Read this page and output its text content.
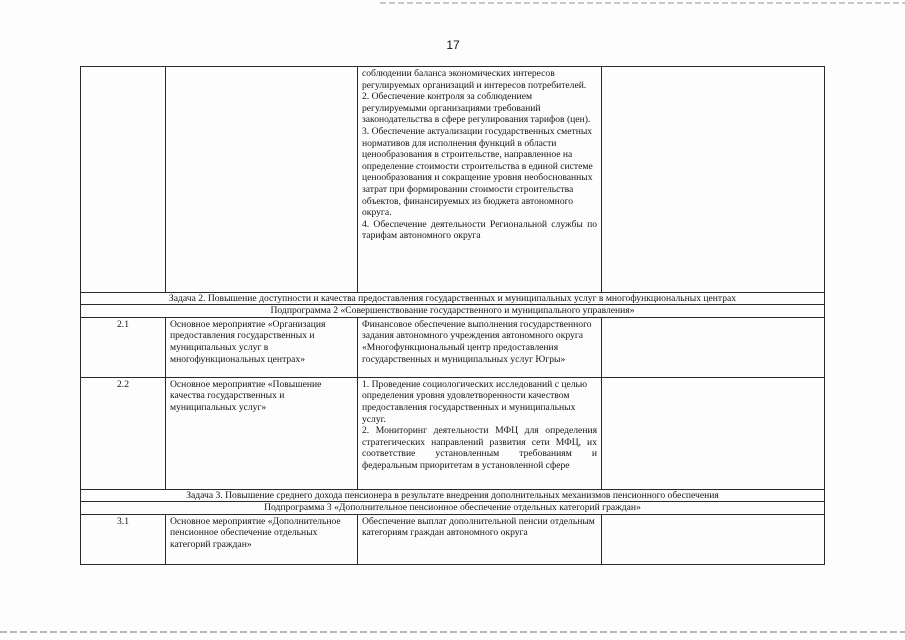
17

		соблюдении баланса экономических интересов регулируемых организаций и интересов потребителей.
2. Обеспечение контроля за соблюдением регулируемыми организациями требований законодательства в сфере регулирования тарифов (цен).
3. Обеспечение актуализации государственных сметных нормативов для исполнения функций в области ценообразования в строительстве, направленное на определение стоимости строительства в единой системе ценообразования и сокращение уровня необоснованных затрат при формировании стоимости строительства объектов, финансируемых из бюджета автономного округа.
4. Обеспечение деятельности Региональной службы по тарифам автономного округа	

Задача 2. Повышение доступности и качества предоставления государственных и муниципальных услуг в многофункциональных центрах			
Подпрограмма 2 «Совершенствование государственного и муниципального управления»			
2.1	Основное мероприятие «Организация предоставления государственных и муниципальных услуг в многофункциональных центрах»	Финансовое обеспечение выполнения государственного задания автономного учреждения автономного округа «Многофункциональный центр предоставления государственных и муниципальных услуг Югры»	
2.2	Основное мероприятие «Повышение качества государственных и муниципальных услуг»	1. Проведение социологических исследований с целью определения уровня удовлетворенности качеством предоставления государственных и муниципальных услуг.
2. Мониторинг деятельности МФЦ для определения стратегических направлений развития сети МФЦ, их соответствие установленным требованиям и федеральным приоритетам в установленной сфере	

Задача 3. Повышение среднего дохода пенсионера в результате внедрения дополнительных механизмов пенсионного обеспечения			
Подпрограмма 3 «Дополнительное пенсионное обеспечение отдельных категорий граждан»			
3.1	Основное мероприятие «Дополнительное пенсионное обеспечение отдельных категорий граждан»	Обеспечение выплат дополнительной пенсии отдельным категориям граждан автономного округа	
